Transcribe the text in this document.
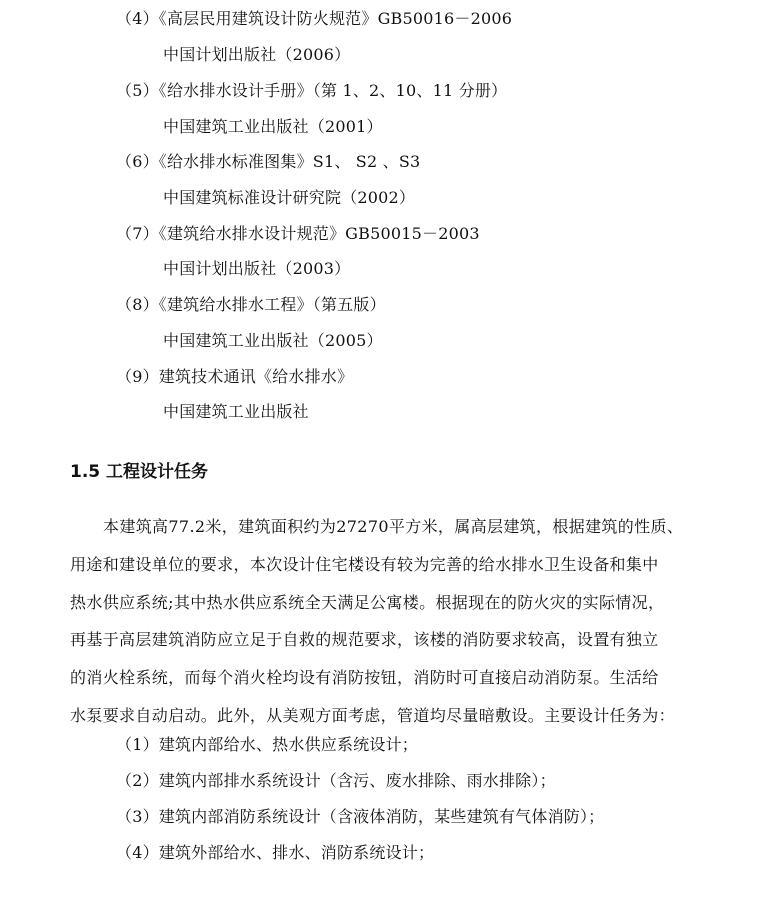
（4）《高层民用建筑设计防火规范》GB50016－2006
中国计划出版社（2006）
（5）《给水排水设计手册》（第 1、2、10、11 分册）
中国建筑工业出版社（2001）
（6）《给水排水标准图集》S1、 S2 、S3
中国建筑标准设计研究院（2002）
（7）《建筑给水排水设计规范》GB50015－2003
中国计划出版社（2003）
（8）《建筑给水排水工程》（第五版）
中国建筑工业出版社（2005）
（9）建筑技术通讯《给水排水》
中国建筑工业出版社
1.5 工程设计任务
本建筑高77.2米，建筑面积约为27270平方米，属高层建筑，根据建筑的性质、
用途和建设单位的要求，本次设计住宅楼设有较为完善的给水排水卫生设备和集中
热水供应系统;其中热水供应系统全天满足公寓楼。根据现在的防火灾的实际情况，
再基于高层建筑消防应立足于自救的规范要求，该楼的消防要求较高，设置有独立
的消火栓系统，而每个消火栓均设有消防按钮，消防时可直接启动消防泵。生活给
水泵要求自动启动。此外，从美观方面考虑，管道均尽量暗敷设。主要设计任务为：
（1）建筑内部给水、热水供应系统设计；
（2）建筑内部排水系统设计（含污、废水排除、雨水排除）；
（3）建筑内部消防系统设计（含液体消防，某些建筑有气体消防）；
（4）建筑外部给水、排水、消防系统设计；
